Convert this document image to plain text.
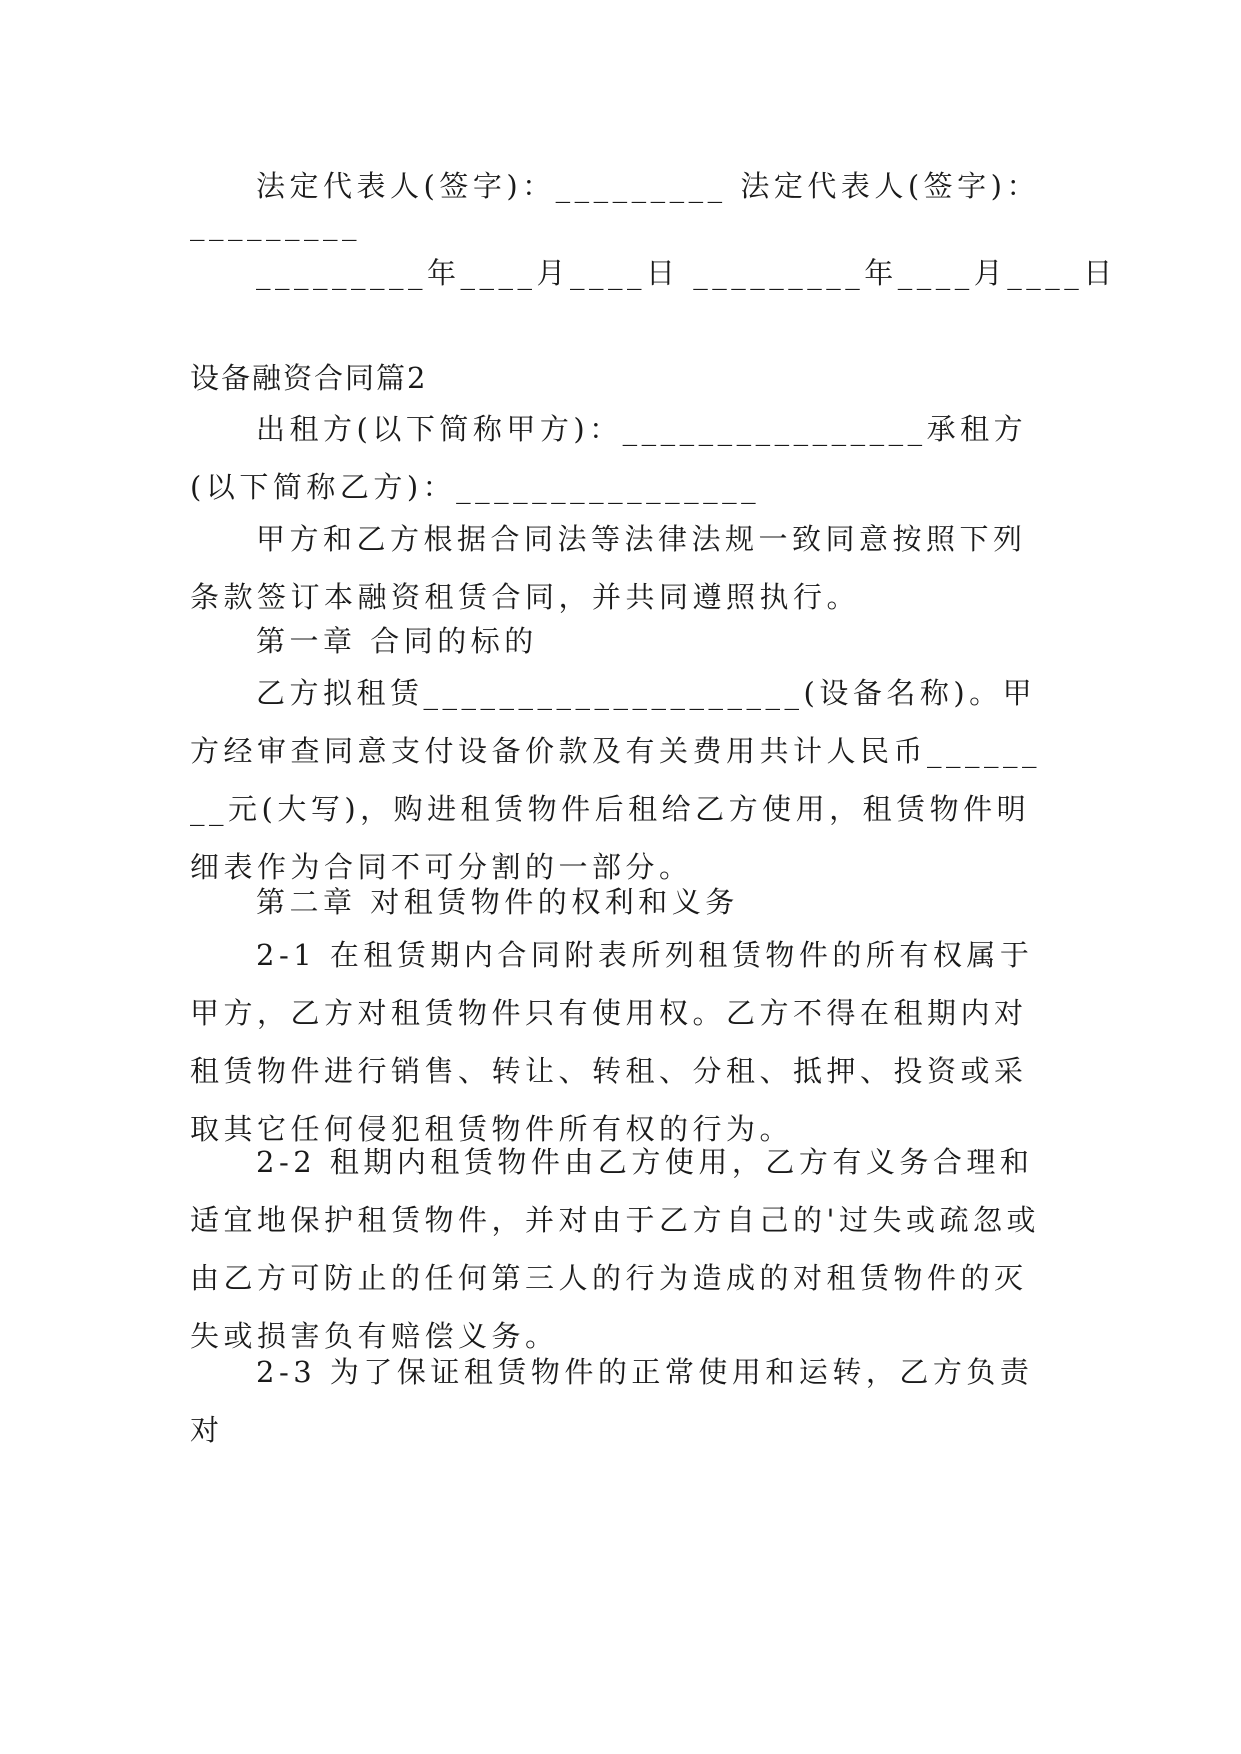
法定代表人(签字)：_________ 法定代表人(签字)：

_________

_________年____月____日 _________年____月____日

设备融资合同篇2

出租方(以下简称甲方)：________________承租方(以下简称乙方)：________________

甲方和乙方根据合同法等法律法规一致同意按照下列条款签订本融资租赁合同，并共同遵照执行。

第一章 合同的标的

乙方拟租赁____________________(设备名称)。甲方经审查同意支付设备价款及有关费用共计人民币________元(大写)，购进租赁物件后租给乙方使用，租赁物件明细表作为合同不可分割的一部分。

第二章 对租赁物件的权利和义务

2-1 在租赁期内合同附表所列租赁物件的所有权属于甲方，乙方对租赁物件只有使用权。乙方不得在租期内对租赁物件进行销售、转让、转租、分租、抵押、投资或采取其它任何侵犯租赁物件所有权的行为。

2-2 租期内租赁物件由乙方使用，乙方有义务合理和适宜地保护租赁物件，并对由于乙方自己的'过失或疏忽或由乙方可防止的任何第三人的行为造成的对租赁物件的灭失或损害负有赔偿义务。

2-3 为了保证租赁物件的正常使用和运转，乙方负责对
